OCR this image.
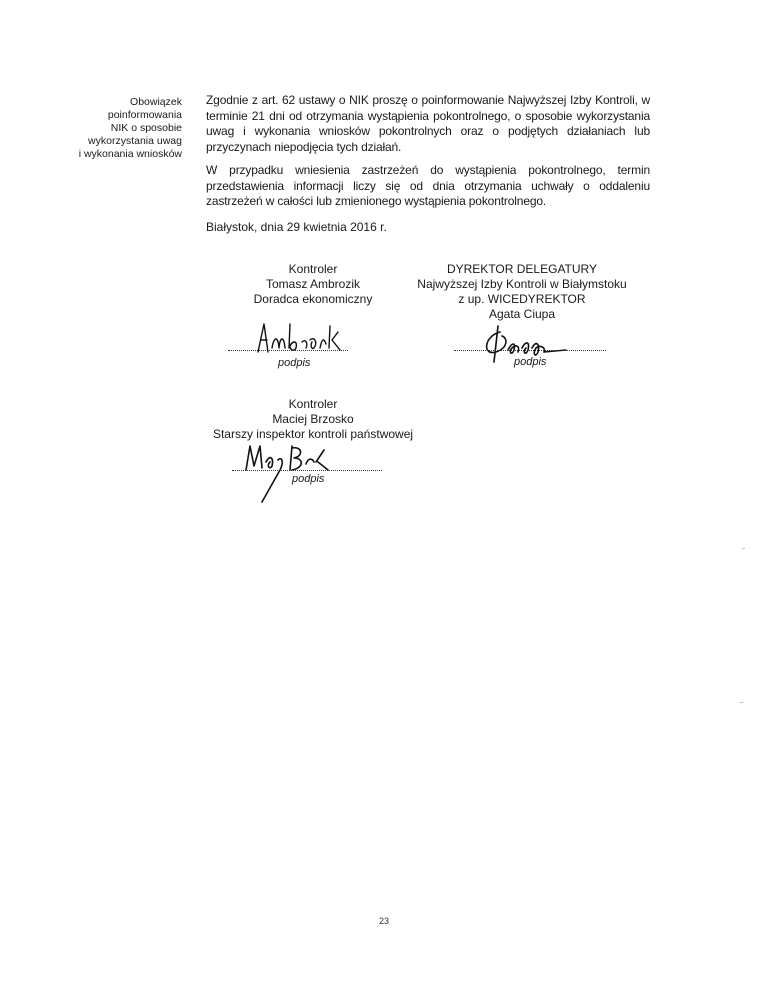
Obowiązek
poinformowania
NIK o sposobie
wykorzystania uwag
i wykonania wniosków

Zgodnie z art. 62 ustawy o NIK proszę o poinformowanie Najwyższej Izby Kontroli, w terminie 21 dni od otrzymania wystąpienia pokontrolnego, o sposobie wykorzystania uwag i wykonania wniosków pokontrolnych oraz o podjętych działaniach lub przyczynach niepodjęcia tych działań.

W przypadku wniesienia zastrzeżeń do wystąpienia pokontrolnego, termin przedstawienia informacji liczy się od dnia otrzymania uchwały o oddaleniu zastrzeżeń w całości lub zmienionego wystąpienia pokontrolnego.

Białystok, dnia 29 kwietnia 2016 r.
Kontroler
Tomasz Ambrozik
Doradca ekonomiczny
podpis
DYREKTOR DELEGATURY
Najwyższej Izby Kontroli w Białymstoku
z up. WICEDYREKTOR
Agata Ciupa
podpis
Kontroler
Maciej Brzosko
Starszy inspektor kontroli państwowej
podpis
23
